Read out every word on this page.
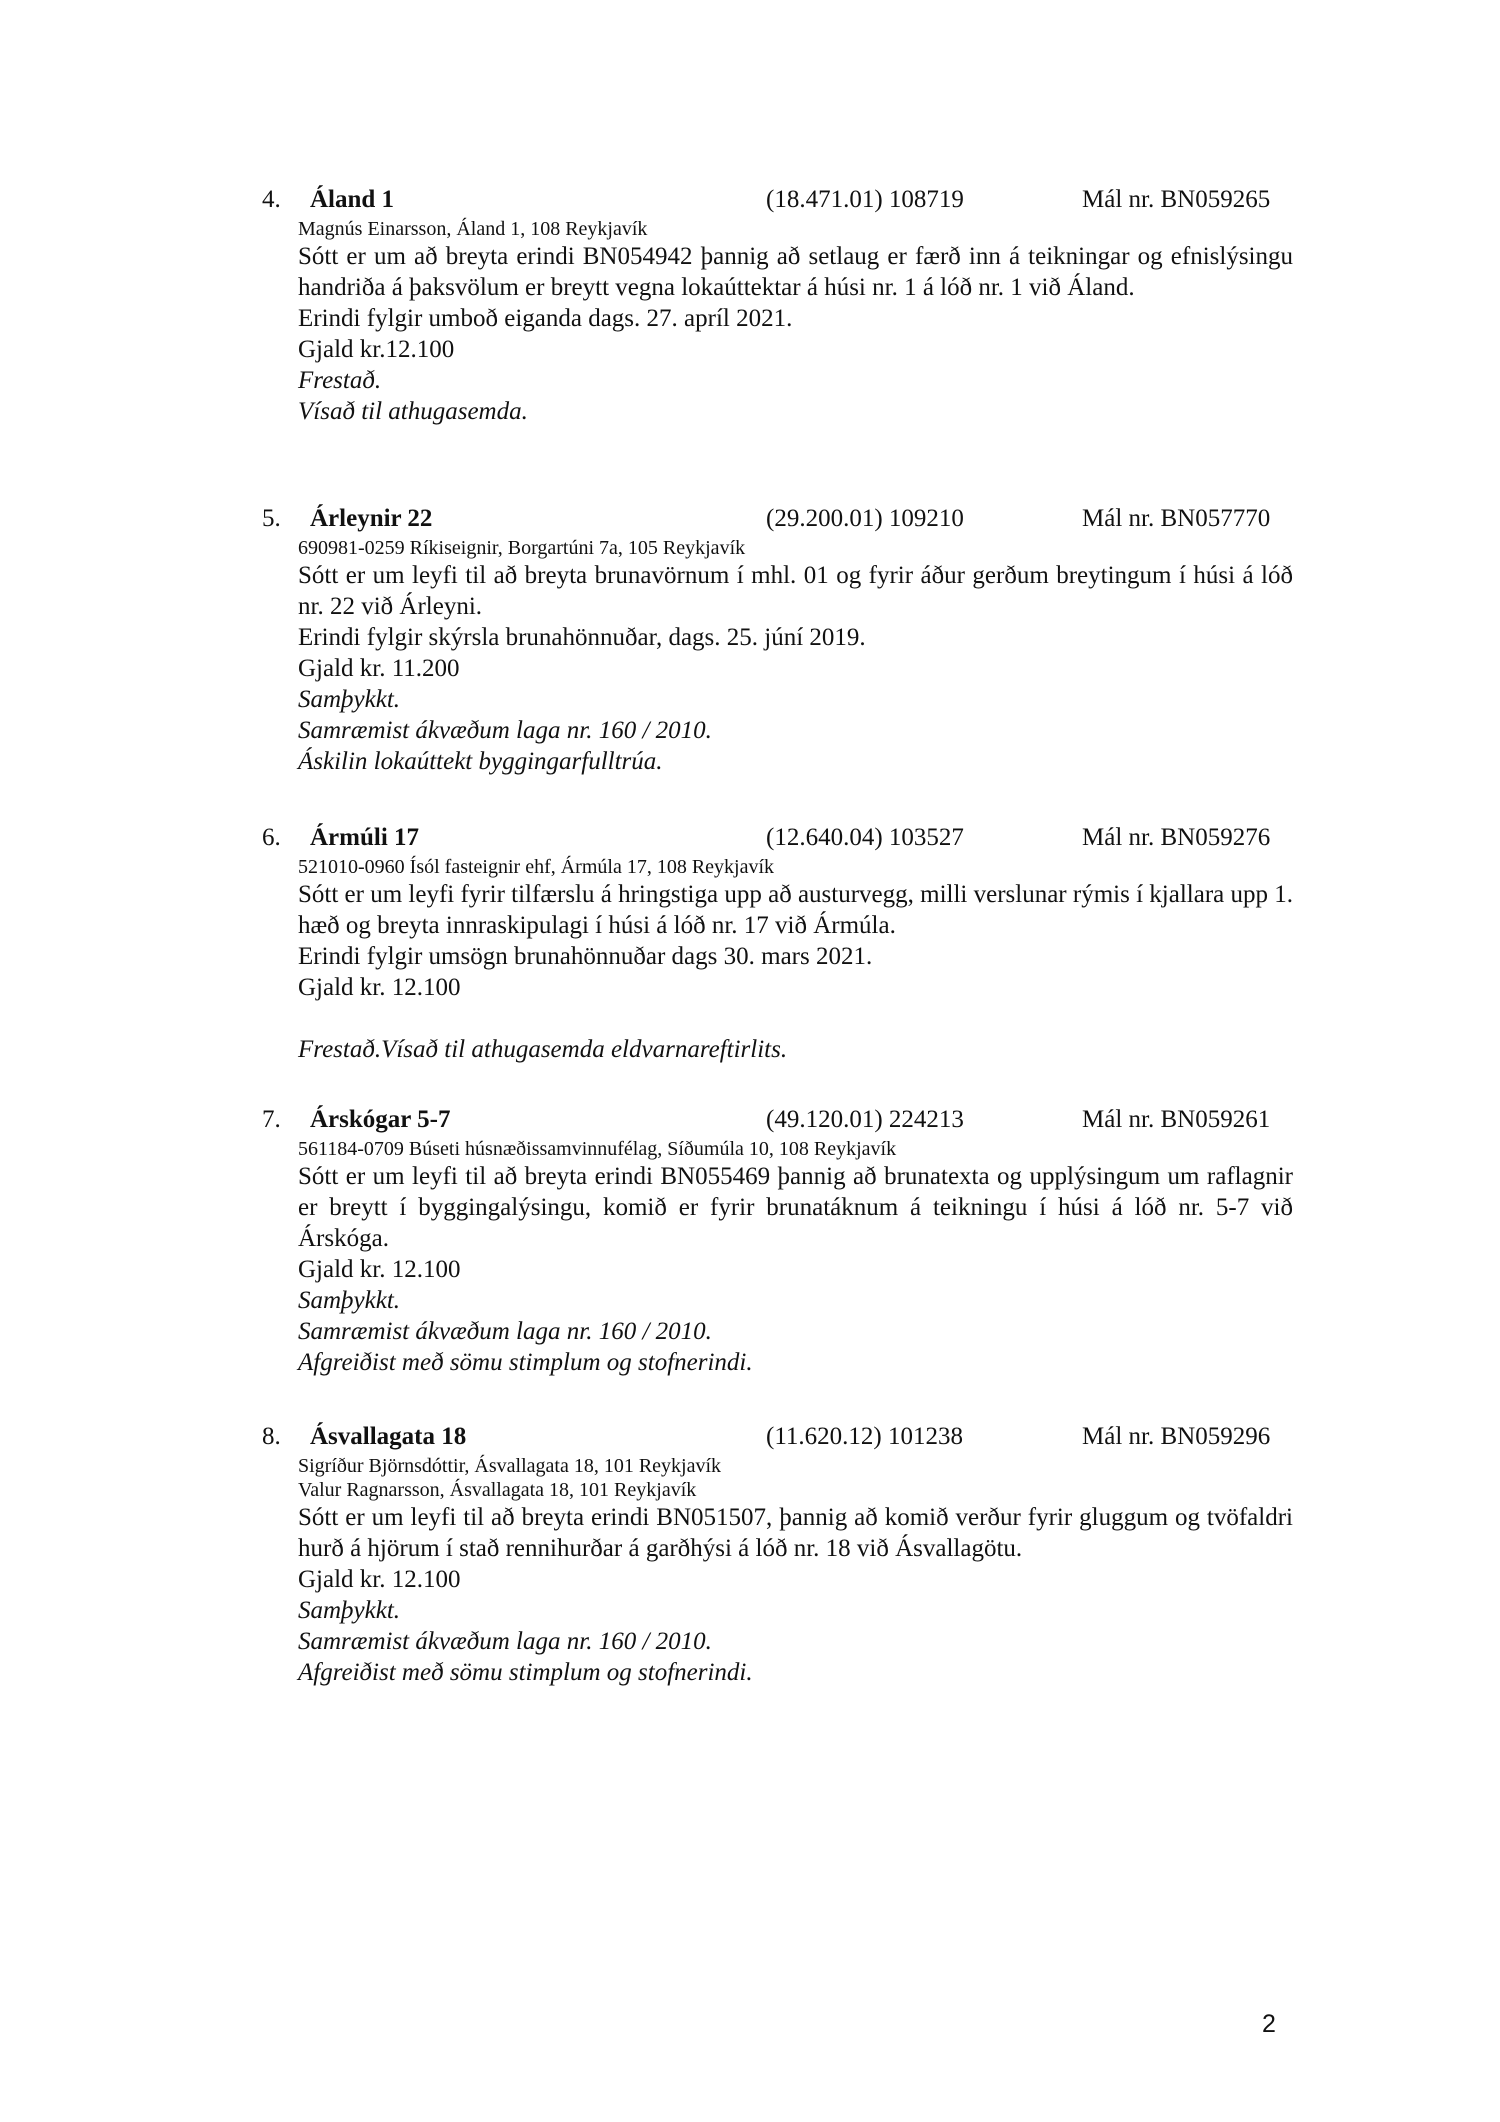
4. Áland 1	(18.471.01) 108719	Mál nr. BN059265
Magnús Einarsson, Áland 1, 108 Reykjavík
Sótt er um að breyta erindi BN054942 þannig að setlaug er færð inn á teikningar og efnislýsingu handriða á þaksvölum er breytt vegna lokaúttektar á húsi nr. 1 á lóð nr. 1 við Áland.
Erindi fylgir umboð eiganda dags. 27. apríl 2021.
Gjald kr.12.100
Frestað.
Vísað til athugasemda.
5. Árleynir 22	(29.200.01) 109210	Mál nr. BN057770
690981-0259 Ríkiseignir, Borgartúni 7a, 105 Reykjavík
Sótt er um leyfi til að breyta brunavörnum í mhl. 01 og fyrir áður gerðum breytingum í húsi á lóð nr. 22 við Árleyni.
Erindi fylgir skýrsla brunahönnuðar, dags. 25. júní 2019.
Gjald kr. 11.200
Samþykkt.
Samræmist ákvæðum laga nr. 160 / 2010.
Áskilin lokaúttekt byggingarfulltrúa.
6. Ármúli 17	(12.640.04) 103527	Mál nr. BN059276
521010-0960 Ísól fasteignir ehf, Ármúla 17, 108 Reykjavík
Sótt er um leyfi fyrir tilfærslu á hringstiga upp að austurvegg, milli verslunar rýmis í kjallara upp 1. hæð og breyta innraskipulagi í húsi á lóð nr. 17 við Ármúla.
Erindi fylgir umsögn brunahönnuðar dags 30. mars 2021.
Gjald kr. 12.100
Frestað.Vísað til athugasemda eldvarnareftirlits.
7. Árskógar 5-7	(49.120.01) 224213	Mál nr. BN059261
561184-0709 Búseti húsnæðissamvinnufélag, Síðumúla 10, 108 Reykjavík
Sótt er um leyfi til að breyta erindi BN055469 þannig að brunatexta og upplýsingum um raflagnir er breytt í byggingalýsingu, komið er fyrir brunatáknum á teikningu í húsi á lóð nr. 5-7 við Árskóga.
Gjald kr. 12.100
Samþykkt.
Samræmist ákvæðum laga nr. 160 / 2010.
Afgreiðist með sömu stimplum og stofnerindi.
8. Ásvallagata 18	(11.620.12) 101238	Mál nr. BN059296
Sigríður Björnsdóttir, Ásvallagata 18, 101 Reykjavík
Valur Ragnarsson, Ásvallagata 18, 101 Reykjavík
Sótt er um leyfi til að breyta erindi BN051507, þannig að komið verður fyrir gluggum og tvöfaldri hurð á hjörum í stað rennihurðar á garðhýsi á lóð nr. 18 við Ásvallagötu.
Gjald kr. 12.100
Samþykkt.
Samræmist ákvæðum laga nr. 160 / 2010.
Afgreiðist með sömu stimplum og stofnerindi.
2
